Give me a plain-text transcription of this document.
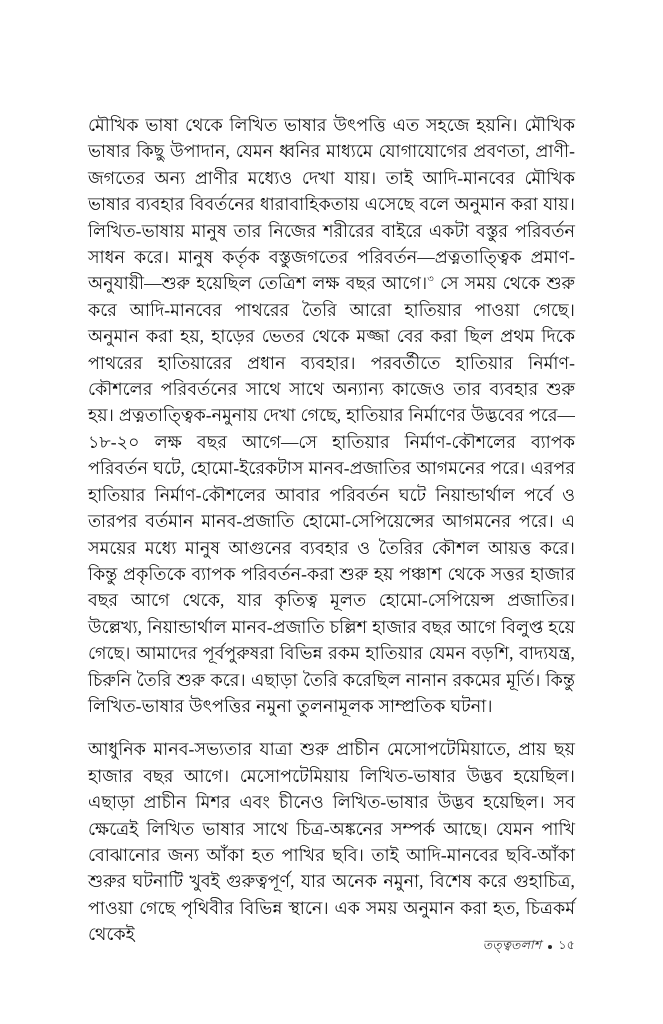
মৌখিক ভাষা থেকে লিখিত ভাষার উৎপত্তি এত সহজে হয়নি। মৌখিক ভাষার কিছু উপাদান, যেমন ধ্বনির মাধ্যমে যোগাযোগের প্রবণতা, প্রাণী-জগতের অন্য প্রাণীর মধ্যেও দেখা যায়। তাই আদি-মানবের মৌখিক ভাষার ব্যবহার বিবর্তনের ধারাবাহিকতায় এসেছে বলে অনুমান করা যায়। লিখিত-ভাষায় মানুষ তার নিজের শরীরের বাইরে একটা বস্তুর পরিবর্তন সাধন করে। মানুষ কর্তৃক বস্তুজগতের পরিবর্তন—প্রত্নতাত্ত্বিক প্রমাণ-অনুযায়ী—শুরু হয়েছিল তেত্রিশ লক্ষ বছর আগে।$^৩$ সে সময় থেকে শুরু করে আদি-মানবের পাথরের তৈরি আরো হাতিয়ার পাওয়া গেছে। অনুমান করা হয়, হাড়ের ভেতর থেকে মজ্জা বের করা ছিল প্রথম দিকে পাথরের হাতিয়ারের প্রধান ব্যবহার। পরবর্তীতে হাতিয়ার নির্মাণ-কৌশলের পরিবর্তনের সাথে সাথে অন্যান্য কাজেও তার ব্যবহার শুরু হয়। প্রত্নতাত্ত্বিক-নমুনায় দেখা গেছে, হাতিয়ার নির্মাণের উদ্ভবের পরে—১৮-২০ লক্ষ বছর আগে—সে হাতিয়ার নির্মাণ-কৌশলের ব্যাপক পরিবর্তন ঘটে, হোমো-ইরেকটাস মানব-প্রজাতির আগমনের পরে। এরপর হাতিয়ার নির্মাণ-কৌশলের আবার পরিবর্তন ঘটে নিয়ান্ডার্থাল পর্বে ও তারপর বর্তমান মানব-প্রজাতি হোমো-সেপিয়েন্সের আগমনের পরে। এ সময়ের মধ্যে মানুষ আগুনের ব্যবহার ও তৈরির কৌশল আয়ত্ত করে। কিন্তু প্রকৃতিকে ব্যাপক পরিবর্তন-করা শুরু হয় পঞ্চাশ থেকে সত্তর হাজার বছর আগে থেকে, যার কৃতিত্ব মূলত হোমো-সেপিয়েন্স প্রজাতির। উল্লেখ্য, নিয়ান্ডার্থাল মানব-প্রজাতি চল্লিশ হাজার বছর আগে বিলুপ্ত হয়ে গেছে। আমাদের পূর্বপুরুষরা বিভিন্ন রকম হাতিয়ার যেমন বড়শি, বাদ্যযন্ত্র, চিরুনি তৈরি শুরু করে। এছাড়া তৈরি করেছিল নানান রকমের মূর্তি। কিন্তু লিখিত-ভাষার উৎপত্তির নমুনা তুলনামূলক সাম্প্রতিক ঘটনা।

আধুনিক মানব-সভ্যতার যাত্রা শুরু প্রাচীন মেসোপটেমিয়াতে, প্রায় ছয় হাজার বছর আগে। মেসোপটেমিয়ায় লিখিত-ভাষার উদ্ভব হয়েছিল। এছাড়া প্রাচীন মিশর এবং চীনেও লিখিত-ভাষার উদ্ভব হয়েছিল। সব ক্ষেত্রেই লিখিত ভাষার সাথে চিত্র-অঙ্কনের সম্পর্ক আছে। যেমন পাখি বোঝানোর জন্য আঁকা হত পাখির ছবি। তাই আদি-মানবের ছবি-আঁকা শুরুর ঘটনাটি খুবই গুরুত্বপূর্ণ, যার অনেক নমুনা, বিশেষ করে গুহাচিত্র, পাওয়া গেছে পৃথিবীর বিভিন্ন স্থানে। এক সময় অনুমান করা হত, চিত্রকর্ম থেকেই

তত্ত্বতলাশ ১৫
